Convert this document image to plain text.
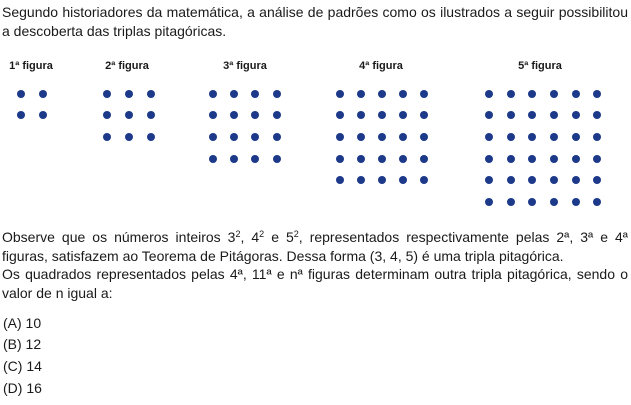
Segundo historiadores da matemática, a análise de padrões como os ilustrados a seguir possibilitou a descoberta das triplas pitagóricas.

1ª figura	2ª figura	3ª figura	4ª figura	5ª figura

Observe que os números inteiros $3^2$, $4^2$ e $5^2$, representados respectivamente pelas 2ª, 3ª e 4ª figuras, satisfazem ao Teorema de Pitágoras. Dessa forma (3, 4, 5) é uma tripla pitagórica.

Os quadrados representados pelas 4ª, 11ª e nª figuras determinam outra tripla pitagórica, sendo o valor de n igual a:

(A) 10

(B) 12

(C) 14

(D) 16
